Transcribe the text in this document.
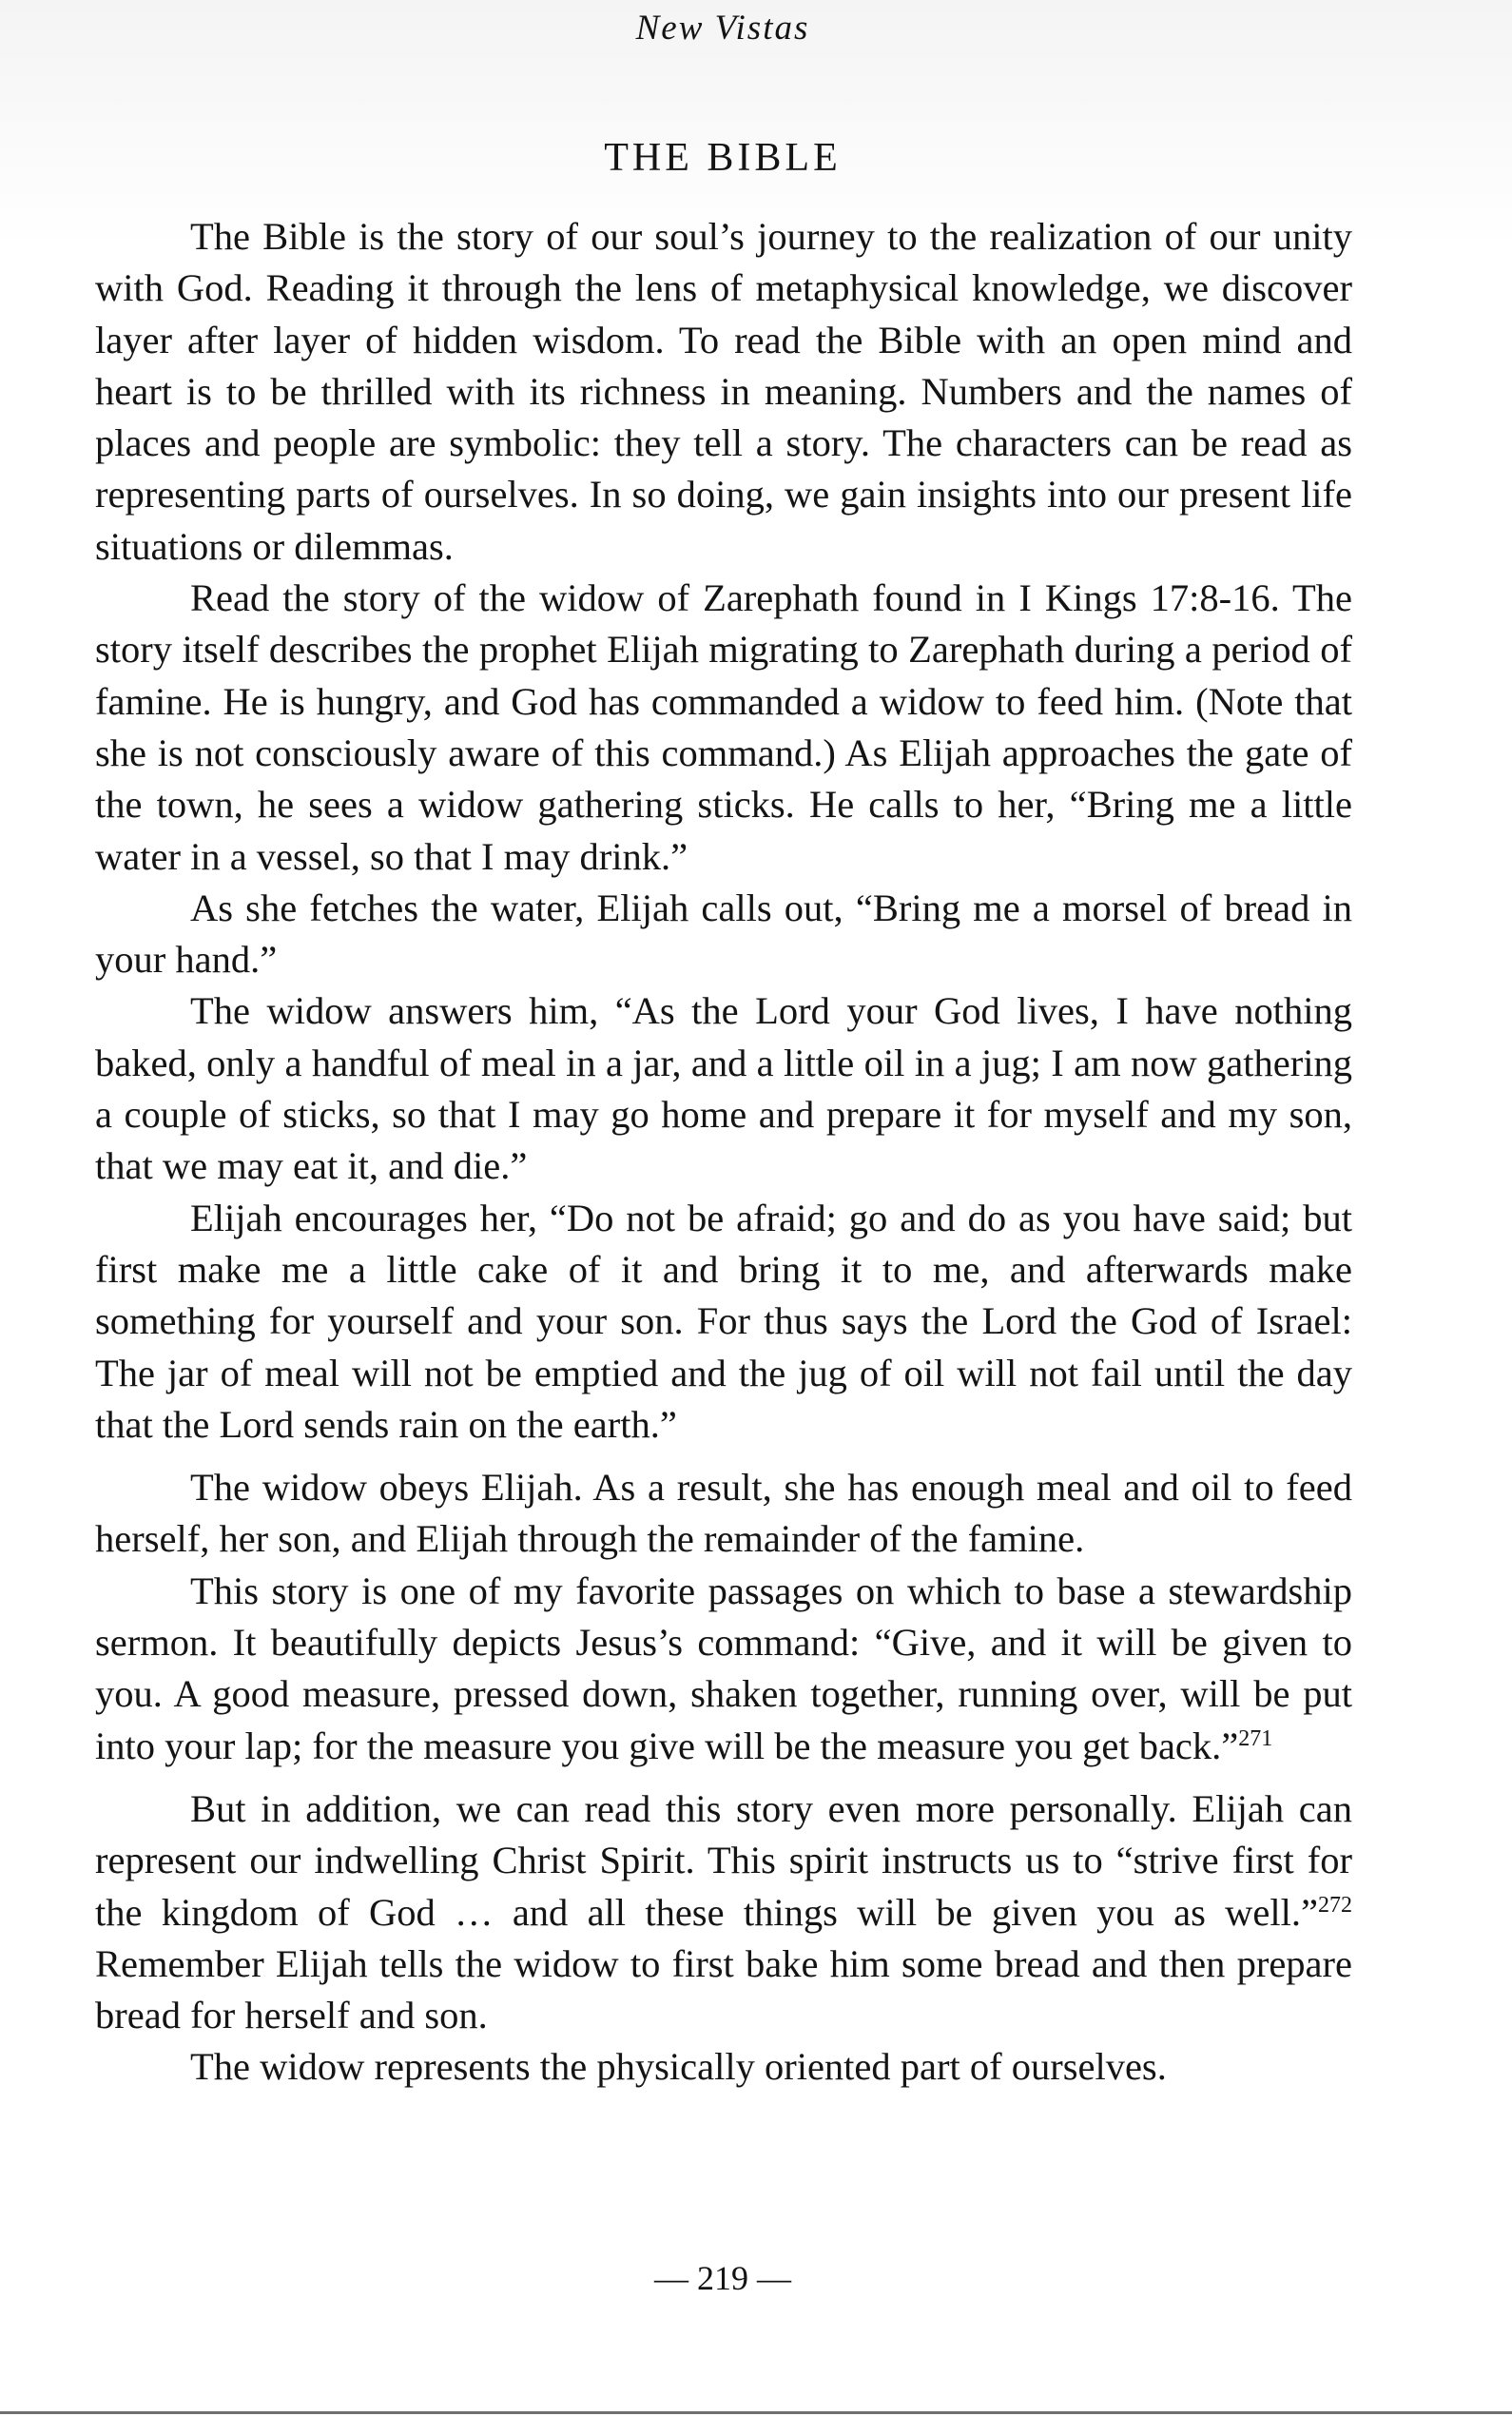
New Vistas
THE BIBLE

The Bible is the story of our soul’s journey to the realization of our unity with God. Reading it through the lens of metaphysical knowledge, we discover layer after layer of hidden wisdom. To read the Bible with an open mind and heart is to be thrilled with its richness in meaning. Numbers and the names of places and people are symbolic: they tell a story. The characters can be read as representing parts of ourselves. In so doing, we gain insights into our present life situations or dilemmas.

Read the story of the widow of Zarephath found in I Kings 17:8-16. The story itself describes the prophet Elijah migrating to Zarephath during a period of famine. He is hungry, and God has commanded a widow to feed him. (Note that she is not consciously aware of this command.) As Elijah approaches the gate of the town, he sees a widow gathering sticks. He calls to her, “Bring me a little water in a vessel, so that I may drink.”

As she fetches the water, Elijah calls out, “Bring me a morsel of bread in your hand.”

The widow answers him, “As the Lord your God lives, I have nothing baked, only a handful of meal in a jar, and a little oil in a jug; I am now gathering a couple of sticks, so that I may go home and prepare it for myself and my son, that we may eat it, and die.”

Elijah encourages her, “Do not be afraid; go and do as you have said; but first make me a little cake of it and bring it to me, and afterwards make something for yourself and your son. For thus says the Lord the God of Israel: The jar of meal will not be emptied and the jug of oil will not fail until the day that the Lord sends rain on the earth.”

The widow obeys Elijah. As a result, she has enough meal and oil to feed herself, her son, and Elijah through the remainder of the famine.

This story is one of my favorite passages on which to base a stewardship sermon. It beautifully depicts Jesus’s command: “Give, and it will be given to you. A good measure, pressed down, shaken together, running over, will be put into your lap; for the measure you give will be the measure you get back.”$^{271}$

But in addition, we can read this story even more personally. Elijah can represent our indwelling Christ Spirit. This spirit instructs us to “strive first for the kingdom of God … and all these things will be given you as well.”$^{272}$ Remember Elijah tells the widow to first bake him some bread and then prepare bread for herself and son.

The widow represents the physically oriented part of ourselves.

— 219 —
